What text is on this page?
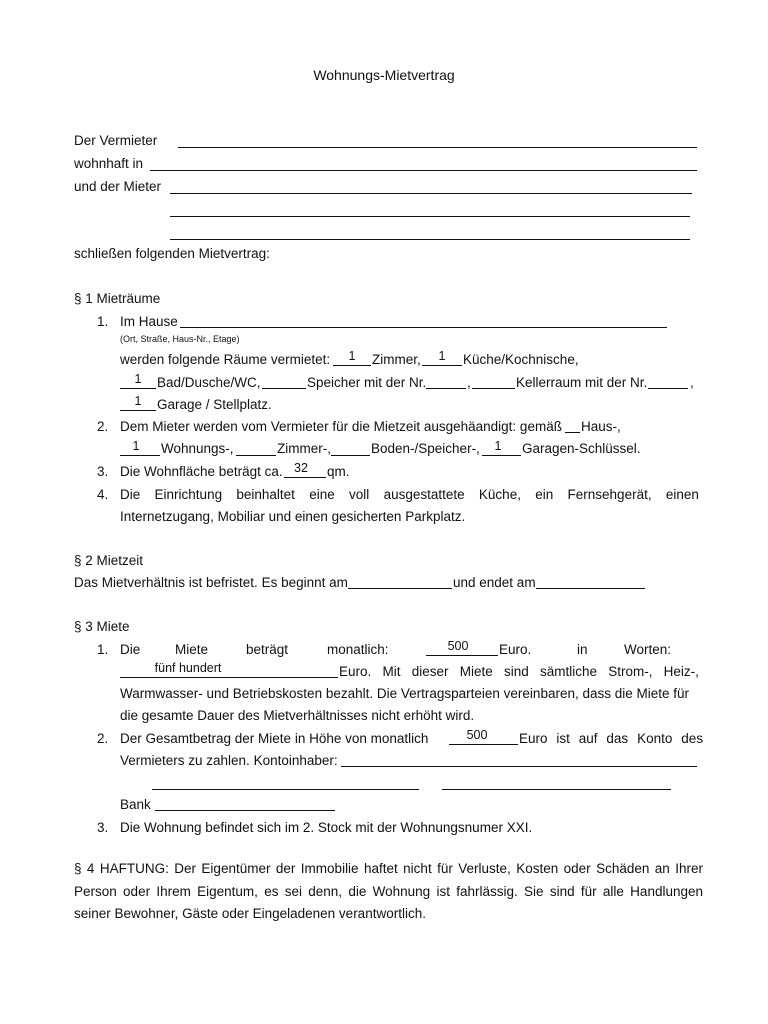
Wohnungs-Mietvertrag
Der Vermieter
wohnhaft in
und der Mieter
schließen folgenden Mietvertrag:
§ 1 Mieträume
1. Im Hause
(Ort, Straße, Haus-Nr., Etage)
werden folgende Räume vermietet:	1	Zimmer,	1	Küche/Kochnische,
1	Bad/Dusche/WC,	Speicher mit der Nr.	,	Kellerraum mit der Nr.	,
1	Garage / Stellplatz.
2. Dem Mieter werden vom Vermieter für die Mietzeit ausgehäandigt: gemäß Haus-,
1	Wohnungs-,	Zimmer-,	Boden-/Speicher-,	1	Garagen-Schlüssel.
3. Die Wohnfläche beträgt ca. 32	qm.
4. Die Einrichtung beinhaltet eine voll ausgestattete Küche, ein Fernsehgerät, einen
Internetzugang, Mobiliar und einen gesicherten Parkplatz.
§ 2 Mietzeit
Das Mietverhältnis ist befristet. Es beginnt am	und endet am
§ 3 Miete
1. Die	Miete	beträgt	monatlich:	500	Euro.	in	Worten:
fünf hundert	Euro. Mit dieser Miete sind sämtliche Strom-, Heiz-,
Warmwasser- und Betriebskosten bezahlt. Die Vertragsparteien vereinbaren, dass die Miete für
die gesamte Dauer des Mietverhältnisses nicht erhöht wird.
2. Der Gesamtbetrag der Miete in Höhe von monatlich	500	Euro ist auf das Konto des
Vermieters zu zahlen. Kontoinhaber:
Bank
3. Die Wohnung befindet sich im 2. Stock mit der Wohnungsnumer XXI.
§ 4 HAFTUNG: Der Eigentümer der Immobilie haftet nicht für Verluste, Kosten oder Schäden an Ihrer Person oder Ihrem Eigentum, es sei denn, die Wohnung ist fahrlässig. Sie sind für alle Handlungen seiner Bewohner, Gäste oder Eingeladenen verantwortlich.
